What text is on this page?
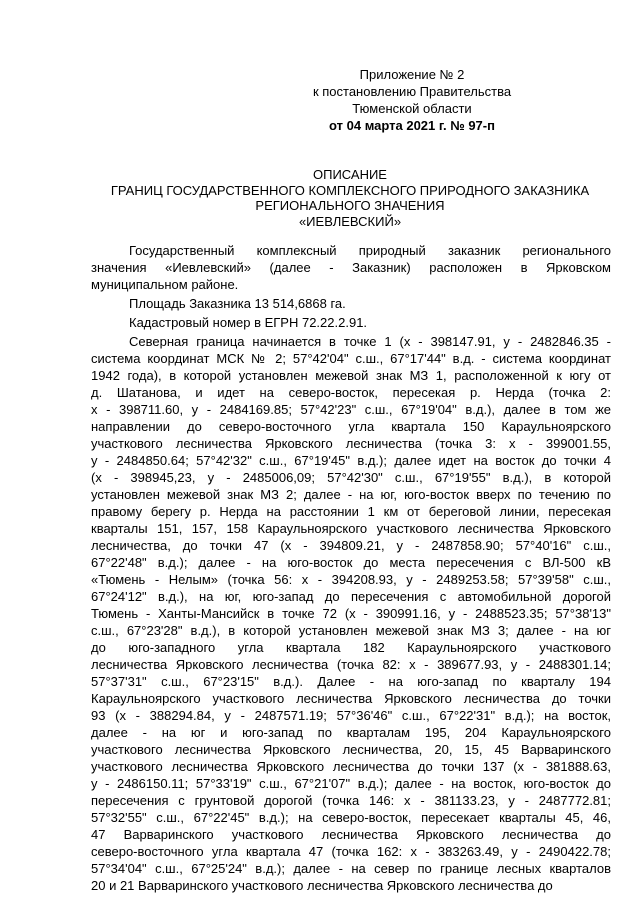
Приложение № 2
к постановлению Правительства
Тюменской области
от 04 марта 2021 г. № 97-п
ОПИСАНИЕ
ГРАНИЦ ГОСУДАРСТВЕННОГО КОМПЛЕКСНОГО ПРИРОДНОГО ЗАКАЗНИКА
РЕГИОНАЛЬНОГО ЗНАЧЕНИЯ
«ИЕВЛЕВСКИЙ»
Государственный комплексный природный заказник регионального
значения «Иевлевский» (далее - Заказник) расположен в Ярковском
муниципальном районе.
Площадь Заказника 13 514,6868 га.
Кадастровый номер в ЕГРН 72.22.2.91.
Северная граница начинается в точке 1 (х - 398147.91, у - 2482846.35 -
система координат МСК № 2; 57°42'04" с.ш., 67°17'44" в.д. - система координат
1942 года), в которой установлен межевой знак МЗ 1, расположенной к югу от
д. Шатанова, и идет на северо-восток, пересекая р. Нерда (точка 2:
х - 398711.60, у - 2484169.85; 57°42'23" с.ш., 67°19'04" в.д.), далее в том же
направлении до северо-восточного угла квартала 150 Караульноярского
участкового лесничества Ярковского лесничества (точка 3: х - 399001.55,
у - 2484850.64; 57°42'32" с.ш., 67°19'45" в.д.); далее идет на восток до точки 4
(х - 398945,23, у - 2485006,09; 57°42'30" с.ш., 67°19'55" в.д.), в которой
установлен межевой знак МЗ 2; далее - на юг, юго-восток вверх по течению по
правому берегу р. Нерда на расстоянии 1 км от береговой линии, пересекая
кварталы 151, 157, 158 Караульноярского участкового лесничества Ярковского
лесничества, до точки 47 (х - 394809.21, у - 2487858.90; 57°40'16" с.ш.,
67°22'48" в.д.); далее - на юго-восток до места пересечения с ВЛ-500 кВ
«Тюмень - Нелым» (точка 56: х - 394208.93, у - 2489253.58; 57°39'58" с.ш.,
67°24'12" в.д.), на юг, юго-запад до пересечения с автомобильной дорогой
Тюмень - Ханты-Мансийск в точке 72 (х - 390991.16, у - 2488523.35; 57°38'13"
с.ш., 67°23'28" в.д.), в которой установлен межевой знак МЗ 3; далее - на юг
до юго-западного угла квартала 182 Караульноярского участкового
лесничества Ярковского лесничества (точка 82: х - 389677.93, у - 2488301.14;
57°37'31" с.ш., 67°23'15" в.д.). Далее - на юго-запад по кварталу 194
Караульноярского участкового лесничества Ярковского лесничества до точки
93 (х - 388294.84, у - 2487571.19; 57°36'46" с.ш., 67°22'31" в.д.); на восток,
далее - на юг и юго-запад по кварталам 195, 204 Караульноярского
участкового лесничества Ярковского лесничества, 20, 15, 45 Варваринского
участкового лесничества Ярковского лесничества до точки 137 (х - 381888.63,
у - 2486150.11; 57°33'19" с.ш., 67°21'07" в.д.); далее - на восток, юго-восток до
пересечения с грунтовой дорогой (точка 146: х - 381133.23, у - 2487772.81;
57°32'55" с.ш., 67°22'45" в.д.); на северо-восток, пересекает кварталы 45, 46,
47 Варваринского участкового лесничества Ярковского лесничества до
северо-восточного угла квартала 47 (точка 162: х - 383263.49, у - 2490422.78;
57°34'04" с.ш., 67°25'24" в.д.); далее - на север по границе лесных кварталов
20 и 21 Варваринского участкового лесничества Ярковского лесничества до
